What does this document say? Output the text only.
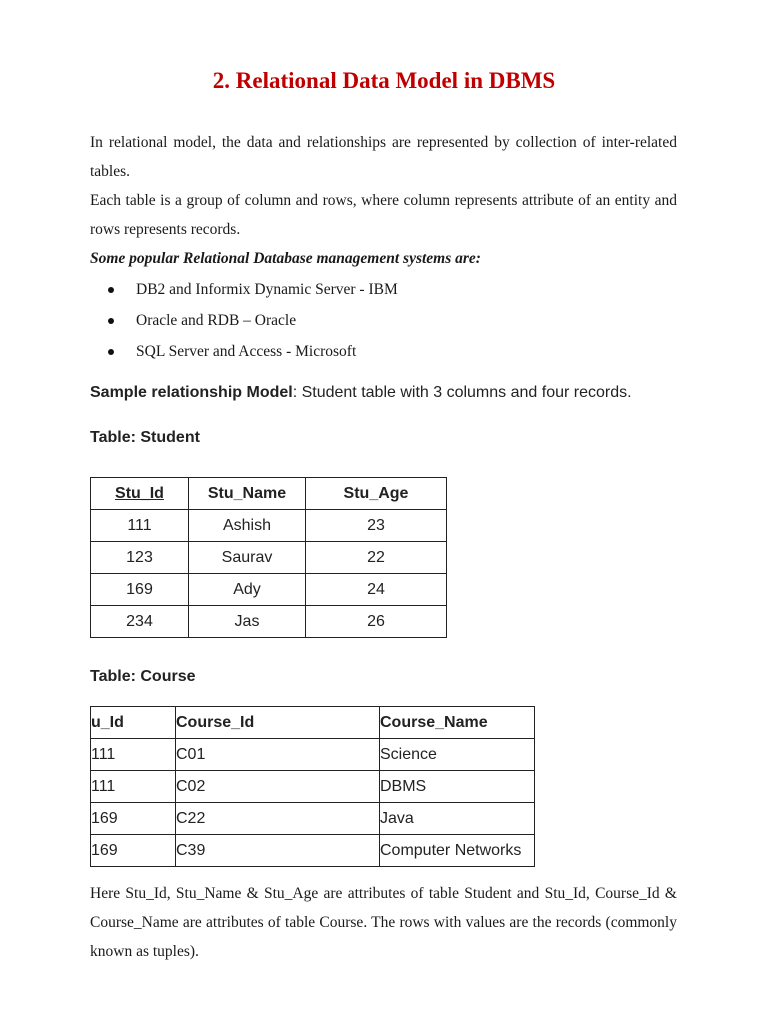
2. Relational Data Model in DBMS
In relational model, the data and relationships are represented by collection of inter-related tables.
Each table is a group of column and rows, where column represents attribute of an entity and rows represents records.
Some popular Relational Database management systems are:
DB2 and Informix Dynamic Server - IBM
Oracle and RDB – Oracle
SQL Server and Access - Microsoft
Sample relationship Model: Student table with 3 columns and four records.
Table: Student
Stu_Id	Stu_Name	Stu_Age
111	Ashish	23
123	Saurav	22
169	Ady	24
234	Jas	26
Table: Course
u_Id	Course_Id	Course_Name
111	C01	Science
111	C02	DBMS
169	C22	Java
169	C39	Computer Networks
Here Stu_Id, Stu_Name & Stu_Age are attributes of table Student and Stu_Id, Course_Id & Course_Name are attributes of table Course. The rows with values are the records (commonly known as tuples).
